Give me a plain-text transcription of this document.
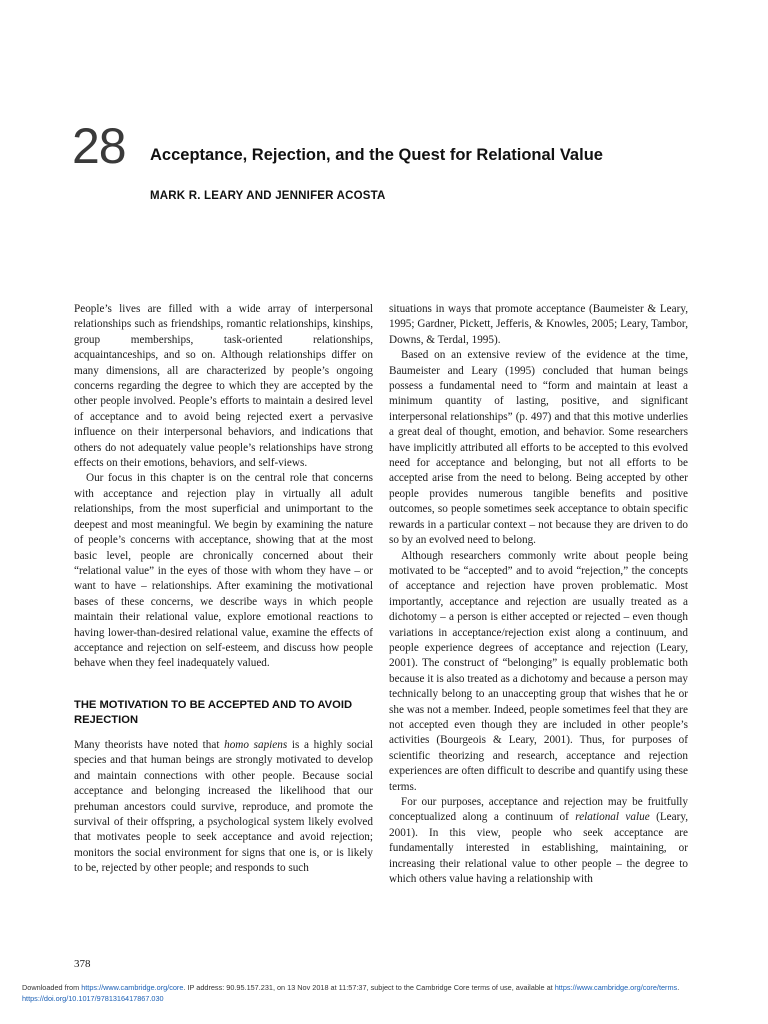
28 Acceptance, Rejection, and the Quest for Relational Value
MARK R. LEARY AND JENNIFER ACOSTA

People’s lives are filled with a wide array of interpersonal relationships such as friendships, romantic relationships, kinships, group memberships, task-oriented relationships, acquaintanceships, and so on. Although relationships differ on many dimensions, all are characterized by people’s ongoing concerns regarding the degree to which they are accepted by the other people involved. People’s efforts to maintain a desired level of acceptance and to avoid being rejected exert a pervasive influence on their interpersonal behaviors, and indications that others do not adequately value people’s relationships have strong effects on their emotions, behaviors, and self-views.

Our focus in this chapter is on the central role that concerns with acceptance and rejection play in virtually all adult relationships, from the most superficial and unimportant to the deepest and most meaningful. We begin by examining the nature of people’s concerns with acceptance, showing that at the most basic level, people are chronically concerned about their “relational value” in the eyes of those with whom they have – or want to have – relationships. After examining the motivational bases of these concerns, we describe ways in which people maintain their relational value, explore emotional reactions to having lower-than-desired relational value, examine the effects of acceptance and rejection on self-esteem, and discuss how people behave when they feel inadequately valued.

THE MOTIVATION TO BE ACCEPTED AND TO AVOID REJECTION

Many theorists have noted that homo sapiens is a highly social species and that human beings are strongly motivated to develop and maintain connections with other people. Because social acceptance and belonging increased the likelihood that our prehuman ancestors could survive, reproduce, and promote the survival of their offspring, a psychological system likely evolved that motivates people to seek acceptance and avoid rejection; monitors the social environment for signs that one is, or is likely to be, rejected by other people; and responds to such

situations in ways that promote acceptance (Baumeister & Leary, 1995; Gardner, Pickett, Jefferis, & Knowles, 2005; Leary, Tambor, Downs, & Terdal, 1995).

Based on an extensive review of the evidence at the time, Baumeister and Leary (1995) concluded that human beings possess a fundamental need to “form and maintain at least a minimum quantity of lasting, positive, and significant interpersonal relationships” (p. 497) and that this motive underlies a great deal of thought, emotion, and behavior. Some researchers have implicitly attributed all efforts to be accepted to this evolved need for acceptance and belonging, but not all efforts to be accepted arise from the need to belong. Being accepted by other people provides numerous tangible benefits and positive outcomes, so people sometimes seek acceptance to obtain specific rewards in a particular context – not because they are driven to do so by an evolved need to belong.

Although researchers commonly write about people being motivated to be “accepted” and to avoid “rejection,” the concepts of acceptance and rejection have proven problematic. Most importantly, acceptance and rejection are usually treated as a dichotomy – a person is either accepted or rejected – even though variations in acceptance/rejection exist along a continuum, and people experience degrees of acceptance and rejection (Leary, 2001). The construct of “belonging” is equally problematic both because it is also treated as a dichotomy and because a person may technically belong to an unaccepting group that wishes that he or she was not a member. Indeed, people sometimes feel that they are not accepted even though they are included in other people’s activities (Bourgeois & Leary, 2001). Thus, for purposes of scientific theorizing and research, acceptance and rejection experiences are often difficult to describe and quantify using these terms.

For our purposes, acceptance and rejection may be fruitfully conceptualized along a continuum of relational value (Leary, 2001). In this view, people who seek acceptance are fundamentally interested in establishing, maintaining, or increasing their relational value to other people – the degree to which others value having a relationship with

378
Downloaded from https://www.cambridge.org/core. IP address: 90.95.157.231, on 13 Nov 2018 at 11:57:37, subject to the Cambridge Core terms of use, available at https://www.cambridge.org/core/terms.
https://doi.org/10.1017/9781316417867.030
